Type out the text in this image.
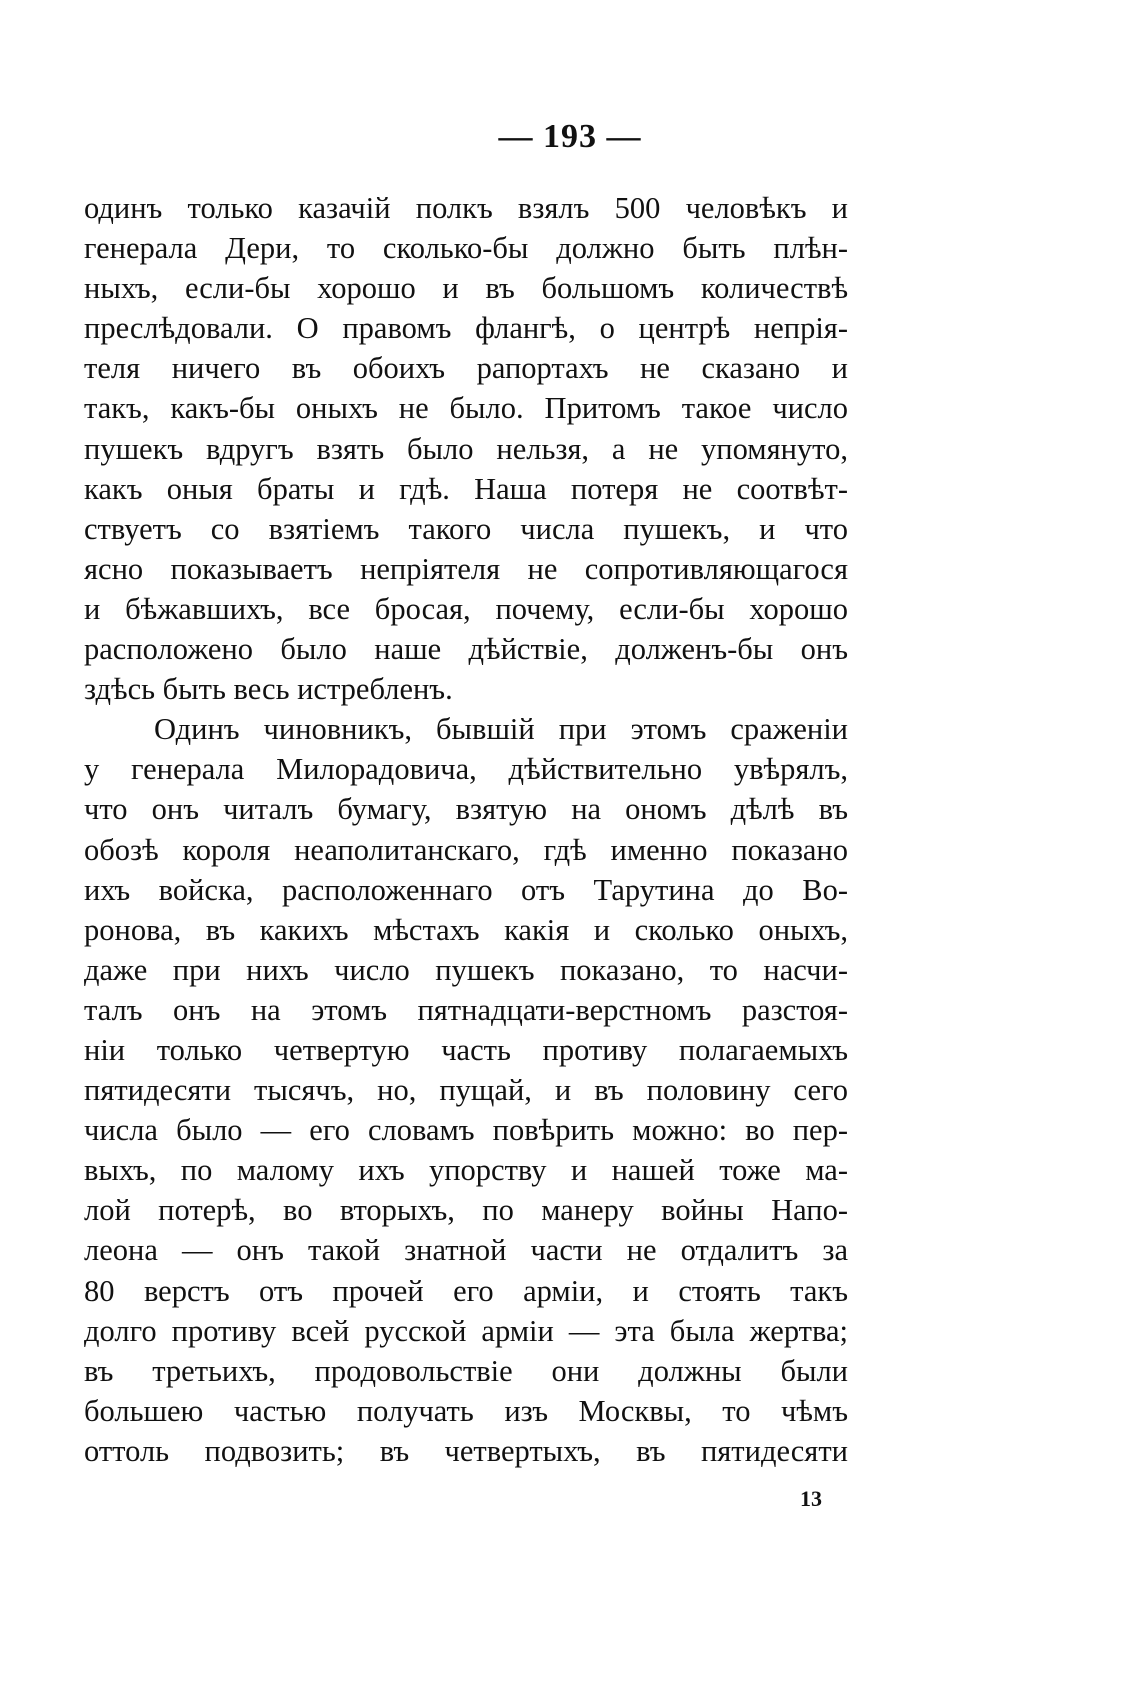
— 193 —
одинъ только казачій полкъ взялъ 500 человѣкъ и
генерала Дери, то сколько-бы должно быть плѣн-
ныхъ, если-бы хорошо и въ большомъ количествѣ
преслѣдовали. О правомъ флангѣ, о центрѣ непрія-
теля ничего въ обоихъ рапортахъ не сказано и
такъ, какъ-бы оныхъ не было. Притомъ такое число
пушекъ вдругъ взять было нельзя, а не упомянуто,
какъ оныя браты и гдѣ. Наша потеря не соотвѣт-
ствуетъ со взятіемъ такого числа пушекъ, и что
ясно показываетъ непріятеля не сопротивляющагося
и бѣжавшихъ, все бросая, почему, если-бы хорошо
расположено было наше дѣйствіе, долженъ-бы онъ
здѣсь быть весь истребленъ.
Одинъ чиновникъ, бывшій при этомъ сраженіи
у генерала Милорадовича, дѣйствительно увѣрялъ,
что онъ читалъ бумагу, взятую на ономъ дѣлѣ въ
обозѣ короля неаполитанскаго, гдѣ именно показано
ихъ войска, расположеннаго отъ Тарутина до Во-
ронова, въ какихъ мѣстахъ какія и сколько оныхъ,
даже при нихъ число пушекъ показано, то насчи-
талъ онъ на этомъ пятнадцати-верстномъ разстоя-
ніи только четвертую часть противу полагаемыхъ
пятидесяти тысячъ, но, пущай, и въ половину сего
числа было — его словамъ повѣрить можно: во пер-
выхъ, по малому ихъ упорству и нашей тоже ма-
лой потерѣ, во вторыхъ, по манеру войны Напо-
леона — онъ такой знатной части не отдалитъ за
80 верстъ отъ прочей его арміи, и стоять такъ
долго противу всей русской арміи — эта была жертва;
въ третьихъ, продовольствіе они должны были
большею частью получать изъ Москвы, то чѣмъ
оттоль подвозить; въ четвертыхъ, въ пятидесяти
13
